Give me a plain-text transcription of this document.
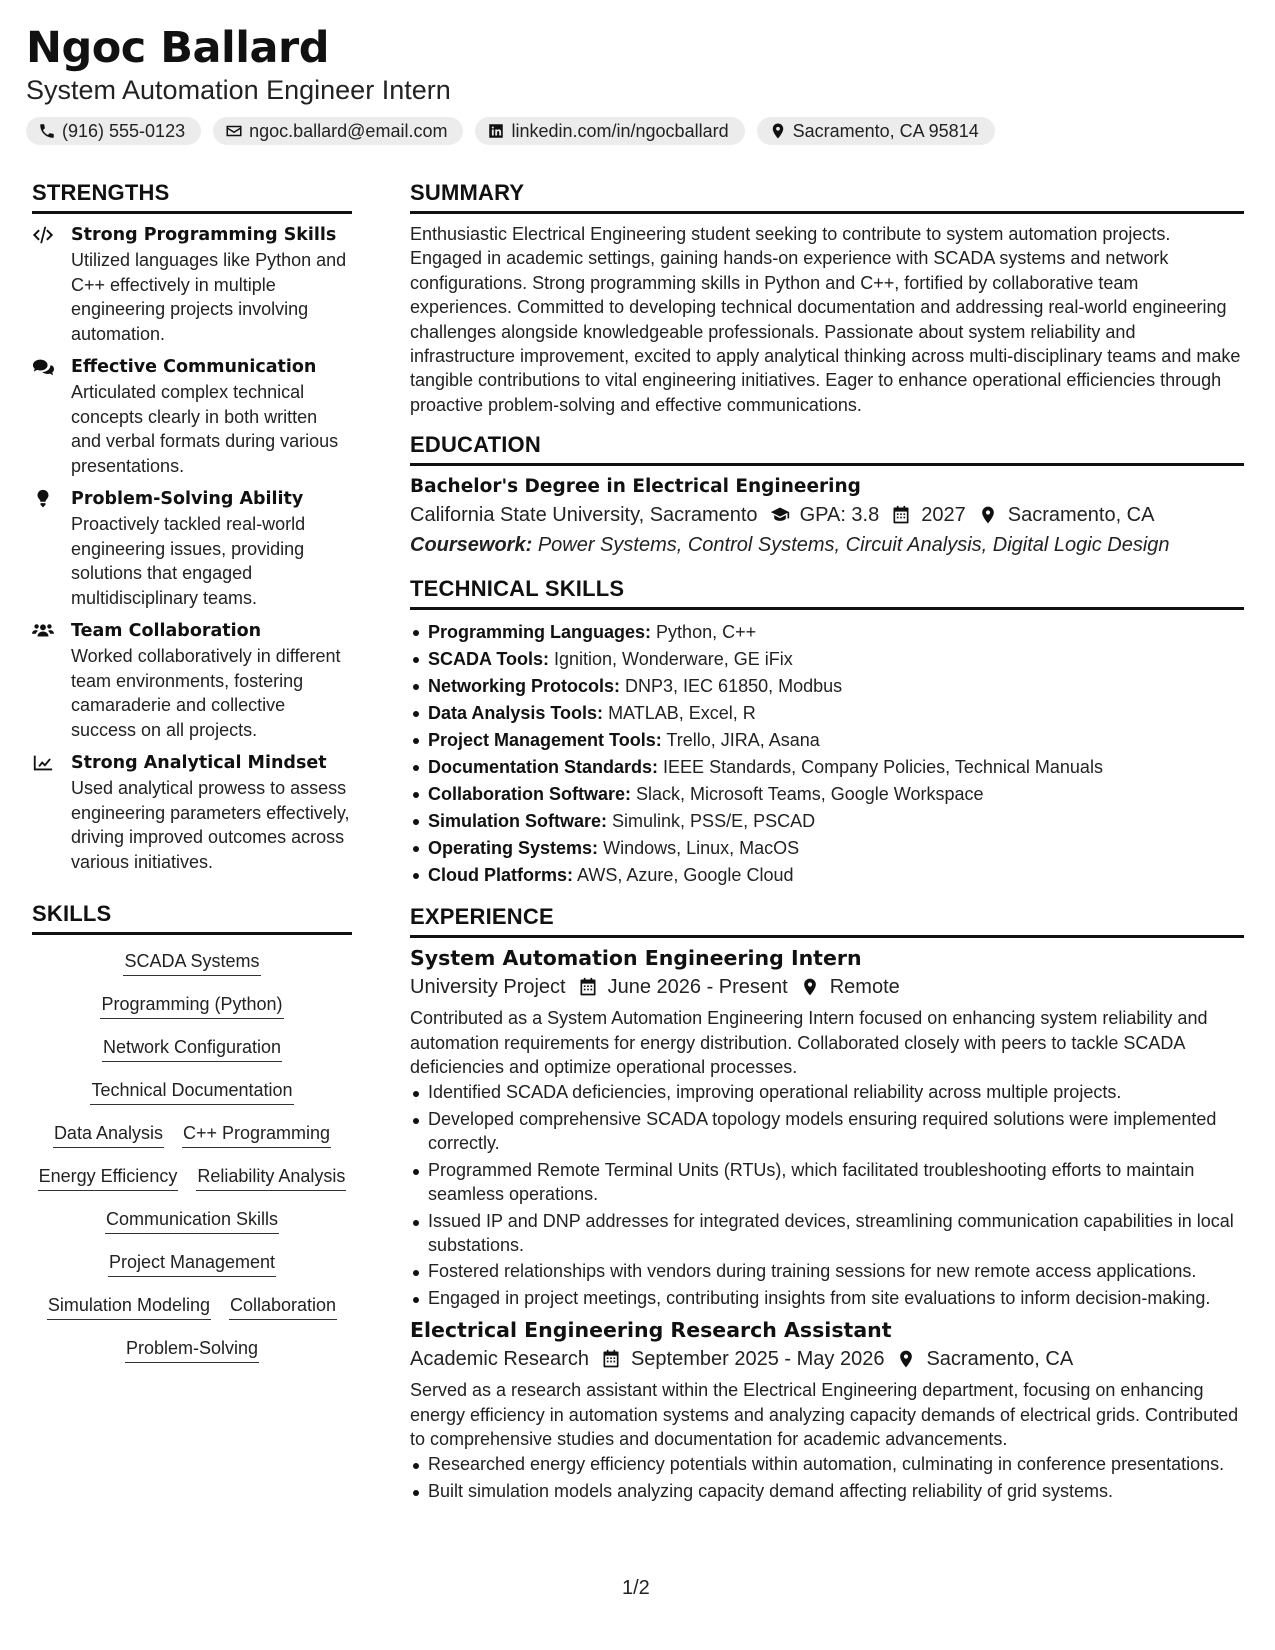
Ngoc Ballard
System Automation Engineer Intern
(916) 555-0123	ngoc.ballard@email.com	linkedin.com/in/ngocballard	Sacramento, CA 95814
STRENGTHS
Strong Programming Skills
Utilized languages like Python and C++ effectively in multiple engineering projects involving automation.
Effective Communication
Articulated complex technical concepts clearly in both written and verbal formats during various presentations.
Problem-Solving Ability
Proactively tackled real-world engineering issues, providing solutions that engaged multidisciplinary teams.
Team Collaboration
Worked collaboratively in different team environments, fostering camaraderie and collective success on all projects.
Strong Analytical Mindset
Used analytical prowess to assess engineering parameters effectively, driving improved outcomes across various initiatives.
SKILLS
SCADA Systems
Programming (Python)
Network Configuration
Technical Documentation
Data Analysis C++ Programming
Energy Efficiency Reliability Analysis
Communication Skills
Project Management
Simulation Modeling Collaboration
Problem-Solving
SUMMARY
Enthusiastic Electrical Engineering student seeking to contribute to system automation projects. Engaged in academic settings, gaining hands-on experience with SCADA systems and network configurations. Strong programming skills in Python and C++, fortified by collaborative team experiences. Committed to developing technical documentation and addressing real-world engineering challenges alongside knowledgeable professionals. Passionate about system reliability and infrastructure improvement, excited to apply analytical thinking across multi-disciplinary teams and make tangible contributions to vital engineering initiatives. Eager to enhance operational efficiencies through proactive problem-solving and effective communications.
EDUCATION
Bachelor's Degree in Electrical Engineering
California State University, Sacramento GPA: 3.8 2027 Sacramento, CA
Coursework: Power Systems, Control Systems, Circuit Analysis, Digital Logic Design
TECHNICAL SKILLS
Programming Languages: Python, C++
SCADA Tools: Ignition, Wonderware, GE iFix
Networking Protocols: DNP3, IEC 61850, Modbus
Data Analysis Tools: MATLAB, Excel, R
Project Management Tools: Trello, JIRA, Asana
Documentation Standards: IEEE Standards, Company Policies, Technical Manuals
Collaboration Software: Slack, Microsoft Teams, Google Workspace
Simulation Software: Simulink, PSS/E, PSCAD
Operating Systems: Windows, Linux, MacOS
Cloud Platforms: AWS, Azure, Google Cloud
EXPERIENCE
System Automation Engineering Intern
University Project June 2026 - Present Remote
Contributed as a System Automation Engineering Intern focused on enhancing system reliability and automation requirements for energy distribution. Collaborated closely with peers to tackle SCADA deficiencies and optimize operational processes.
Identified SCADA deficiencies, improving operational reliability across multiple projects.
Developed comprehensive SCADA topology models ensuring required solutions were implemented correctly.
Programmed Remote Terminal Units (RTUs), which facilitated troubleshooting efforts to maintain seamless operations.
Issued IP and DNP addresses for integrated devices, streamlining communication capabilities in local substations.
Fostered relationships with vendors during training sessions for new remote access applications.
Engaged in project meetings, contributing insights from site evaluations to inform decision-making.
Electrical Engineering Research Assistant
Academic Research September 2025 - May 2026 Sacramento, CA
Served as a research assistant within the Electrical Engineering department, focusing on enhancing energy efficiency in automation systems and analyzing capacity demands of electrical grids. Contributed to comprehensive studies and documentation for academic advancements.
Researched energy efficiency potentials within automation, culminating in conference presentations.
Built simulation models analyzing capacity demand affecting reliability of grid systems.
1/2
